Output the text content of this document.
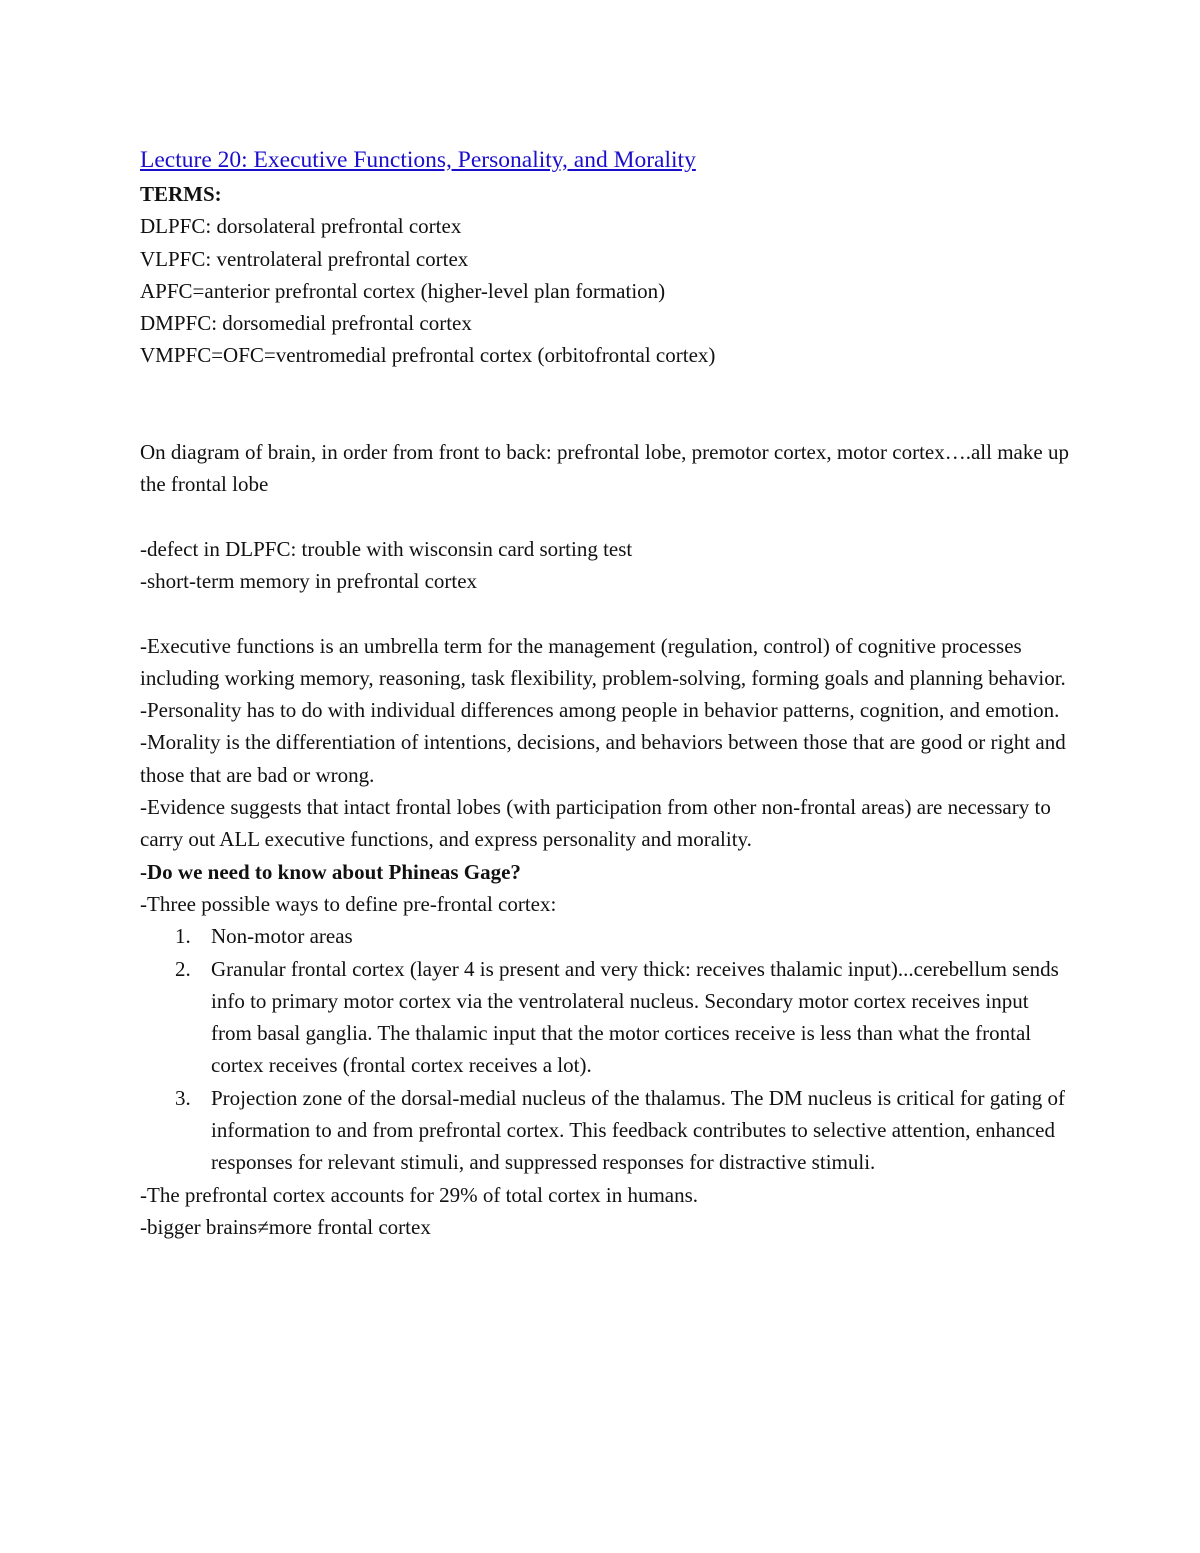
Lecture 20: Executive Functions, Personality, and Morality
TERMS:
DLPFC: dorsolateral prefrontal cortex
VLPFC: ventrolateral prefrontal cortex
APFC=anterior prefrontal cortex (higher-level plan formation)
DMPFC: dorsomedial prefrontal cortex
VMPFC=OFC=ventromedial prefrontal cortex (orbitofrontal cortex)
On diagram of brain, in order from front to back: prefrontal lobe, premotor cortex, motor cortex….all make up the frontal lobe
-defect in DLPFC: trouble with wisconsin card sorting test
-short-term memory in prefrontal cortex
-Executive functions is an umbrella term for the management (regulation, control) of cognitive processes including working memory, reasoning, task flexibility, problem-solving, forming goals and planning behavior.
-Personality has to do with individual differences among people in behavior patterns, cognition, and emotion.
-Morality is the differentiation of intentions, decisions, and behaviors between those that are good or right and those that are bad or wrong.
-Evidence suggests that intact frontal lobes (with participation from other non-frontal areas) are necessary to carry out ALL executive functions, and express personality and morality.
-Do we need to know about Phineas Gage?
-Three possible ways to define pre-frontal cortex:
1. Non-motor areas
2. Granular frontal cortex (layer 4 is present and very thick: receives thalamic input)...cerebellum sends info to primary motor cortex via the ventrolateral nucleus. Secondary motor cortex receives input from basal ganglia. The thalamic input that the motor cortices receive is less than what the frontal cortex receives (frontal cortex receives a lot).
3. Projection zone of the dorsal-medial nucleus of the thalamus. The DM nucleus is critical for gating of information to and from prefrontal cortex. This feedback contributes to selective attention, enhanced responses for relevant stimuli, and suppressed responses for distractive stimuli.
-The prefrontal cortex accounts for 29% of total cortex in humans.
-bigger brains≠more frontal cortex
